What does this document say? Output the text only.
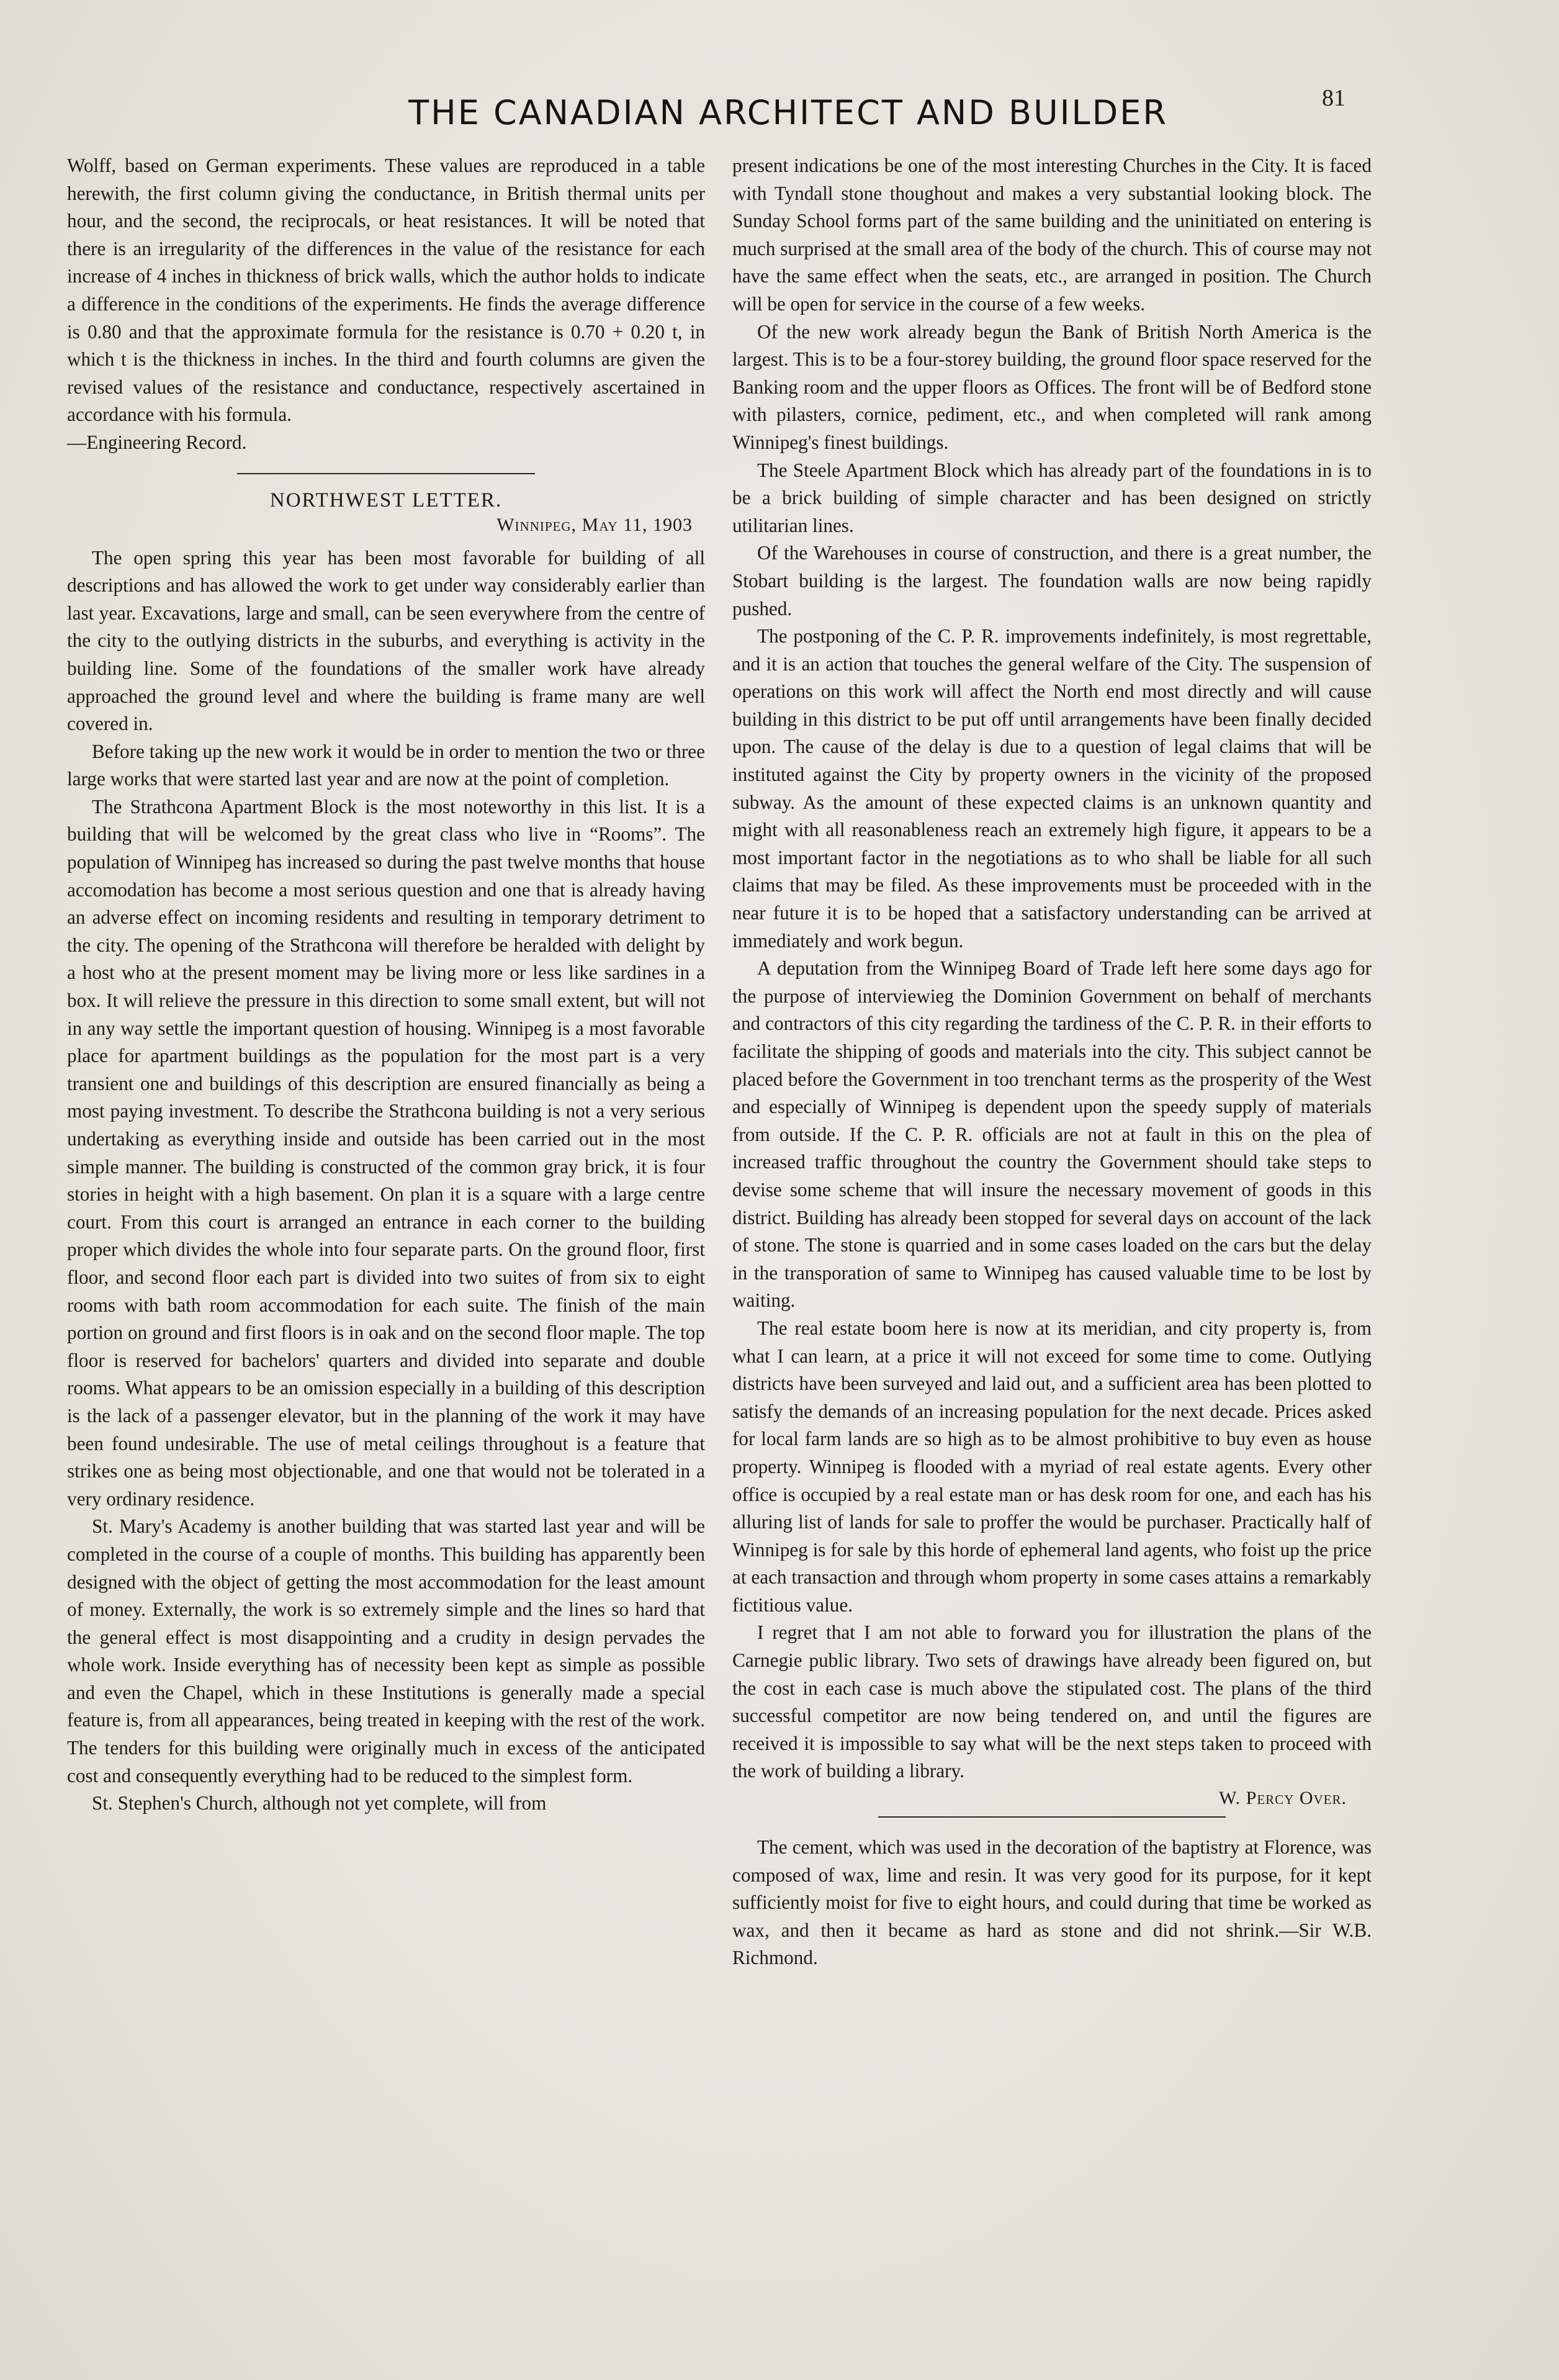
81
THE CANADIAN ARCHITECT AND BUILDER

Wolff, based on German experiments. These values are reproduced in a table herewith, the first column giving the conductance, in British thermal units per hour, and the second, the reciprocals, or heat resistances. It will be noted that there is an irregularity of the differences in the value of the resistance for each increase of 4 inches in thickness of brick walls, which the author holds to indicate a difference in the conditions of the experiments. He finds the average difference is 0.80 and that the approximate formula for the resistance is 0.70 + 0.20 t, in which t is the thickness in inches. In the third and fourth columns are given the revised values of the resistance and conductance, respectively ascertained in accordance with his formula.

—Engineering Record.

NORTHWEST LETTER.
Winnipeg, May 11, 1903

The open spring this year has been most favorable for building of all descriptions and has allowed the work to get under way considerably earlier than last year. Excavations, large and small, can be seen everywhere from the centre of the city to the outlying districts in the suburbs, and everything is activity in the building line. Some of the foundations of the smaller work have already approached the ground level and where the building is frame many are well covered in.

Before taking up the new work it would be in order to mention the two or three large works that were started last year and are now at the point of completion.

The Strathcona Apartment Block is the most noteworthy in this list. It is a building that will be welcomed by the great class who live in “Rooms”. The population of Winnipeg has increased so during the past twelve months that house accomodation has become a most serious question and one that is already having an adverse effect on incoming residents and resulting in temporary detriment to the city. The opening of the Strathcona will therefore be heralded with delight by a host who at the present moment may be living more or less like sardines in a box. It will relieve the pressure in this direction to some small extent, but will not in any way settle the important question of housing. Winnipeg is a most favorable place for apartment buildings as the population for the most part is a very transient one and buildings of this description are ensured financially as being a most paying investment. To describe the Strathcona building is not a very serious undertaking as everything inside and outside has been carried out in the most simple manner. The building is constructed of the common gray brick, it is four stories in height with a high basement. On plan it is a square with a large centre court. From this court is arranged an entrance in each corner to the building proper which divides the whole into four separate parts. On the ground floor, first floor, and second floor each part is divided into two suites of from six to eight rooms with bath room accommodation for each suite. The finish of the main portion on ground and first floors is in oak and on the second floor maple. The top floor is reserved for bachelors' quarters and divided into separate and double rooms. What appears to be an omission especially in a building of this description is the lack of a passenger elevator, but in the planning of the work it may have been found undesirable. The use of metal ceilings throughout is a feature that strikes one as being most objectionable, and one that would not be tolerated in a very ordinary residence.

St. Mary's Academy is another building that was started last year and will be completed in the course of a couple of months. This building has apparently been designed with the object of getting the most accommodation for the least amount of money. Externally, the work is so extremely simple and the lines so hard that the general effect is most disappointing and a crudity in design pervades the whole work. Inside everything has of necessity been kept as simple as possible and even the Chapel, which in these Institutions is generally made a special feature is, from all appearances, being treated in keeping with the rest of the work. The tenders for this building were originally much in excess of the anticipated cost and consequently everything had to be reduced to the simplest form.

St. Stephen's Church, although not yet complete, will from

present indications be one of the most interesting Churches in the City. It is faced with Tyndall stone thoughout and makes a very substantial looking block. The Sunday School forms part of the same building and the uninitiated on entering is much surprised at the small area of the body of the church. This of course may not have the same effect when the seats, etc., are arranged in position. The Church will be open for service in the course of a few weeks.

Of the new work already begun the Bank of British North America is the largest. This is to be a four-storey building, the ground floor space reserved for the Banking room and the upper floors as Offices. The front will be of Bedford stone with pilasters, cornice, pediment, etc., and when completed will rank among Winnipeg's finest buildings.

The Steele Apartment Block which has already part of the foundations in is to be a brick building of simple character and has been designed on strictly utilitarian lines.

Of the Warehouses in course of construction, and there is a great number, the Stobart building is the largest. The foundation walls are now being rapidly pushed.

The postponing of the C. P. R. improvements indefinitely, is most regrettable, and it is an action that touches the general welfare of the City. The suspension of operations on this work will affect the North end most directly and will cause building in this district to be put off until arrangements have been finally decided upon. The cause of the delay is due to a question of legal claims that will be instituted against the City by property owners in the vicinity of the proposed subway. As the amount of these expected claims is an unknown quantity and might with all reasonableness reach an extremely high figure, it appears to be a most important factor in the negotiations as to who shall be liable for all such claims that may be filed. As these improvements must be proceeded with in the near future it is to be hoped that a satisfactory understanding can be arrived at immediately and work begun.

A deputation from the Winnipeg Board of Trade left here some days ago for the purpose of interviewieg the Dominion Government on behalf of merchants and contractors of this city regarding the tardiness of the C. P. R. in their efforts to facilitate the shipping of goods and materials into the city. This subject cannot be placed before the Government in too trenchant terms as the prosperity of the West and especially of Winnipeg is dependent upon the speedy supply of materials from outside. If the C. P. R. officials are not at fault in this on the plea of increased traffic throughout the country the Government should take steps to devise some scheme that will insure the necessary movement of goods in this district. Building has already been stopped for several days on account of the lack of stone. The stone is quarried and in some cases loaded on the cars but the delay in the transporation of same to Winnipeg has caused valuable time to be lost by waiting.

The real estate boom here is now at its meridian, and city property is, from what I can learn, at a price it will not exceed for some time to come. Outlying districts have been surveyed and laid out, and a sufficient area has been plotted to satisfy the demands of an increasing population for the next decade. Prices asked for local farm lands are so high as to be almost prohibitive to buy even as house property. Winnipeg is flooded with a myriad of real estate agents. Every other office is occupied by a real estate man or has desk room for one, and each has his alluring list of lands for sale to proffer the would be purchaser. Practically half of Winnipeg is for sale by this horde of ephemeral land agents, who foist up the price at each transaction and through whom property in some cases attains a remarkably fictitious value.

I regret that I am not able to forward you for illustration the plans of the Carnegie public library. Two sets of drawings have already been figured on, but the cost in each case is much above the stipulated cost. The plans of the third successful competitor are now being tendered on, and until the figures are received it is impossible to say what will be the next steps taken to proceed with the work of building a library.

W. Percy Over.

The cement, which was used in the decoration of the baptistry at Florence, was composed of wax, lime and resin. It was very good for its purpose, for it kept sufficiently moist for five to eight hours, and could during that time be worked as wax, and then it became as hard as stone and did not shrink.—Sir W.B. Richmond.
